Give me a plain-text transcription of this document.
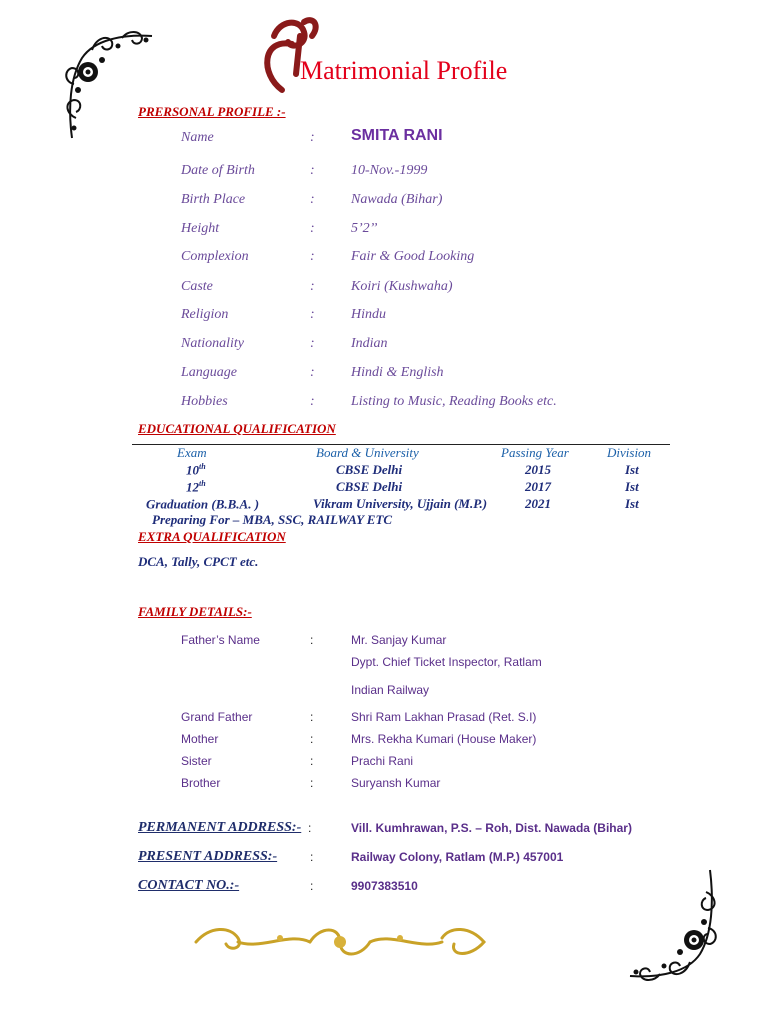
Matrimonial Profile
PRERSONAL PROFILE :-
Name	: SMITA RANI
Date of Birth	:	10-Nov.-1999
Birth Place	:	Nawada (Bihar)
Height	:	5’2’’
Complexion	:	Fair & Good Looking
Caste	:	Koiri (Kushwaha)
Religion	:	Hindu
Nationality	:	Indian
Language	:	Hindi & English
Hobbies	:	Listing to Music, Reading Books etc.
EDUCATIONAL QUALIFICATION
Exam	Board & University	Passing Year	Division
10th	CBSE Delhi	2015	Ist
12th	CBSE Delhi	2017	Ist
Graduation (B.B.A. )	Vikram University, Ujjain (M.P.)	2021	Ist
Preparing For – MBA, SSC, RAILWAY ETC
EXTRA QUALIFICATION
DCA, Tally, CPCT etc.
FAMILY DETAILS:-
Father’s Name	:	Mr. Sanjay Kumar
Dypt. Chief Ticket Inspector, Ratlam
Indian Railway
Grand Father	:	Shri Ram Lakhan Prasad (Ret. S.I)
Mother	:	Mrs. Rekha Kumari (House Maker)
Sister	:	Prachi Rani
Brother	:	Suryansh Kumar
PERMANENT ADDRESS:- :	Vill. Kumhrawan, P.S. – Roh, Dist. Nawada (Bihar)
PRESENT ADDRESS:-	:	Railway Colony, Ratlam (M.P.) 457001
CONTACT NO.:-	:	9907383510
